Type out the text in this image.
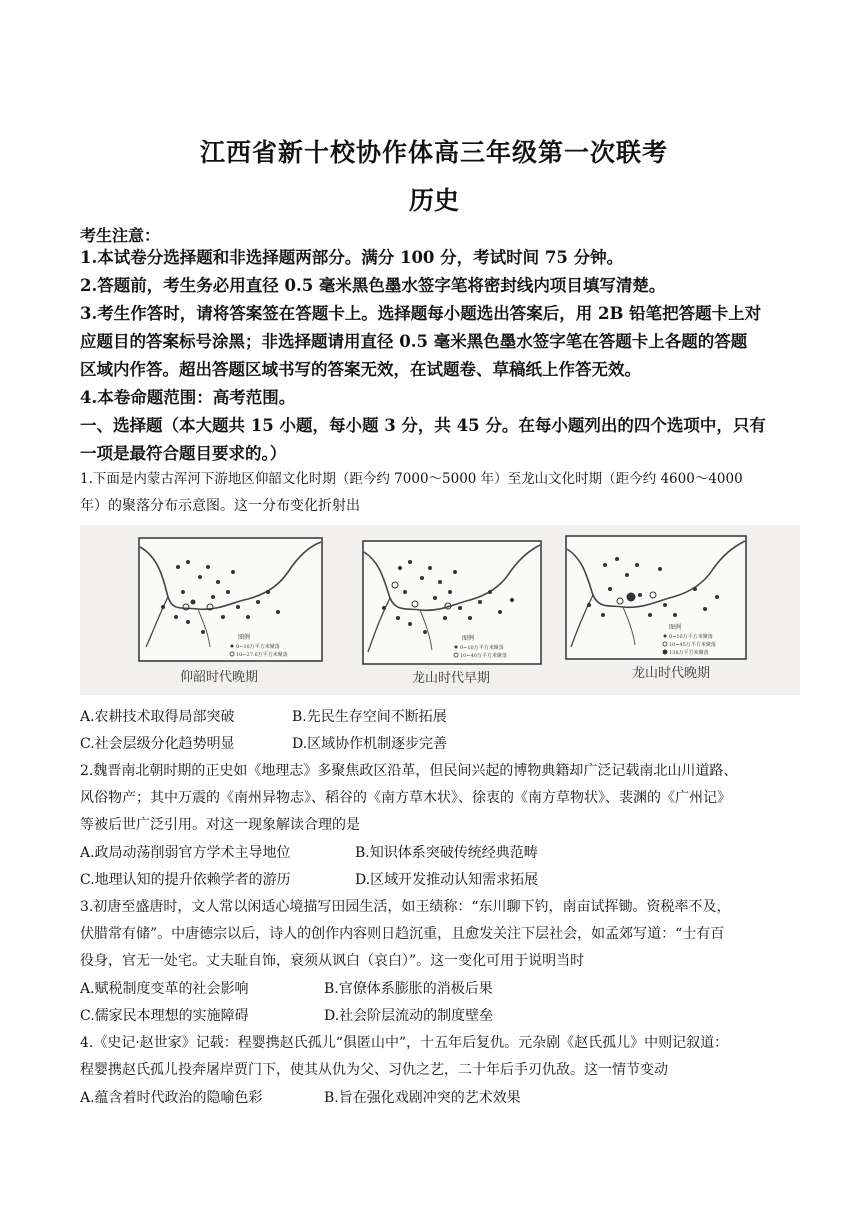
江西省新十校协作体高三年级第一次联考
历史
考生注意：
1.本试卷分选择题和非选择题两部分。满分 100 分，考试时间 75 分钟。
2.答题前，考生务必用直径 0.5 毫米黑色墨水签字笔将密封线内项目填写清楚。
3.考生作答时，请将答案签在答题卡上。选择题每小题选出答案后，用 2B 铅笔把答题卡上对
应题目的答案标号涂黑；非选择题请用直径 0.5 毫米黑色墨水签字笔在答题卡上各题的答题
区域内作答。超出答题区域书写的答案无效，在试题卷、草稿纸上作答无效。
4.本卷命题范围：高考范围。
一、选择题（本大题共 15 小题，每小题 3 分，共 45 分。在每小题列出的四个选项中，只有
一项是最符合题目要求的。）
1.下面是内蒙古浑河下游地区仰韶文化时期（距今约 7000～5000 年）至龙山文化时期（距今约 4600～4000
年）的聚落分布示意图。这一分布变化折射出
图例
0~10万平方米聚落
10~27.6万平方米聚落
仰韶时代晚期
图例
0~10万平方米聚落
10~40万平方米聚落
龙山时代早期
图例
0~10万平方米聚落
10~45万平方米聚落
138万平方米聚落
龙山时代晚期
A.农耕技术取得局部突破	B.先民生存空间不断拓展
C.社会层级分化趋势明显	D.区域协作机制逐步完善
2.魏晋南北朝时期的正史如《地理志》多聚焦政区沿革，但民间兴起的博物典籍却广泛记载南北山川道路、
风俗物产；其中万震的《南州异物志》、稻谷的《南方草木状》、徐衷的《南方草物状》、裴渊的《广州记》
等被后世广泛引用。对这一现象解读合理的是
A.政局动荡削弱官方学术主导地位	B.知识体系突破传统经典范畴
C.地理认知的提升依赖学者的游历	D.区域开发推动认知需求拓展
3.初唐至盛唐时，文人常以闲适心境描写田园生活，如王绩称：“东川聊下钓，南亩试挥锄。资税率不及，
伏腊常有储”。中唐德宗以后，诗人的创作内容则日趋沉重，且愈发关注下层社会，如孟郊写道：“士有百
役身，官无一处宅。丈夫耻自饰，衰须从讽白（哀白）”。这一变化可用于说明当时
A.赋税制度变革的社会影响	B.官僚体系膨胀的消极后果
C.儒家民本理想的实施障碍	D.社会阶层流动的制度壁垒
4.《史记·赵世家》记载：程婴携赵氏孤儿“俱匿山中”，十五年后复仇。元杂剧《赵氏孤儿》中则记叙道：
程婴携赵氏孤儿投奔屠岸贾门下，使其从仇为父、习仇之艺，二十年后手刃仇敌。这一情节变动
A.蕴含着时代政治的隐喻色彩	B.旨在强化戏剧冲突的艺术效果
